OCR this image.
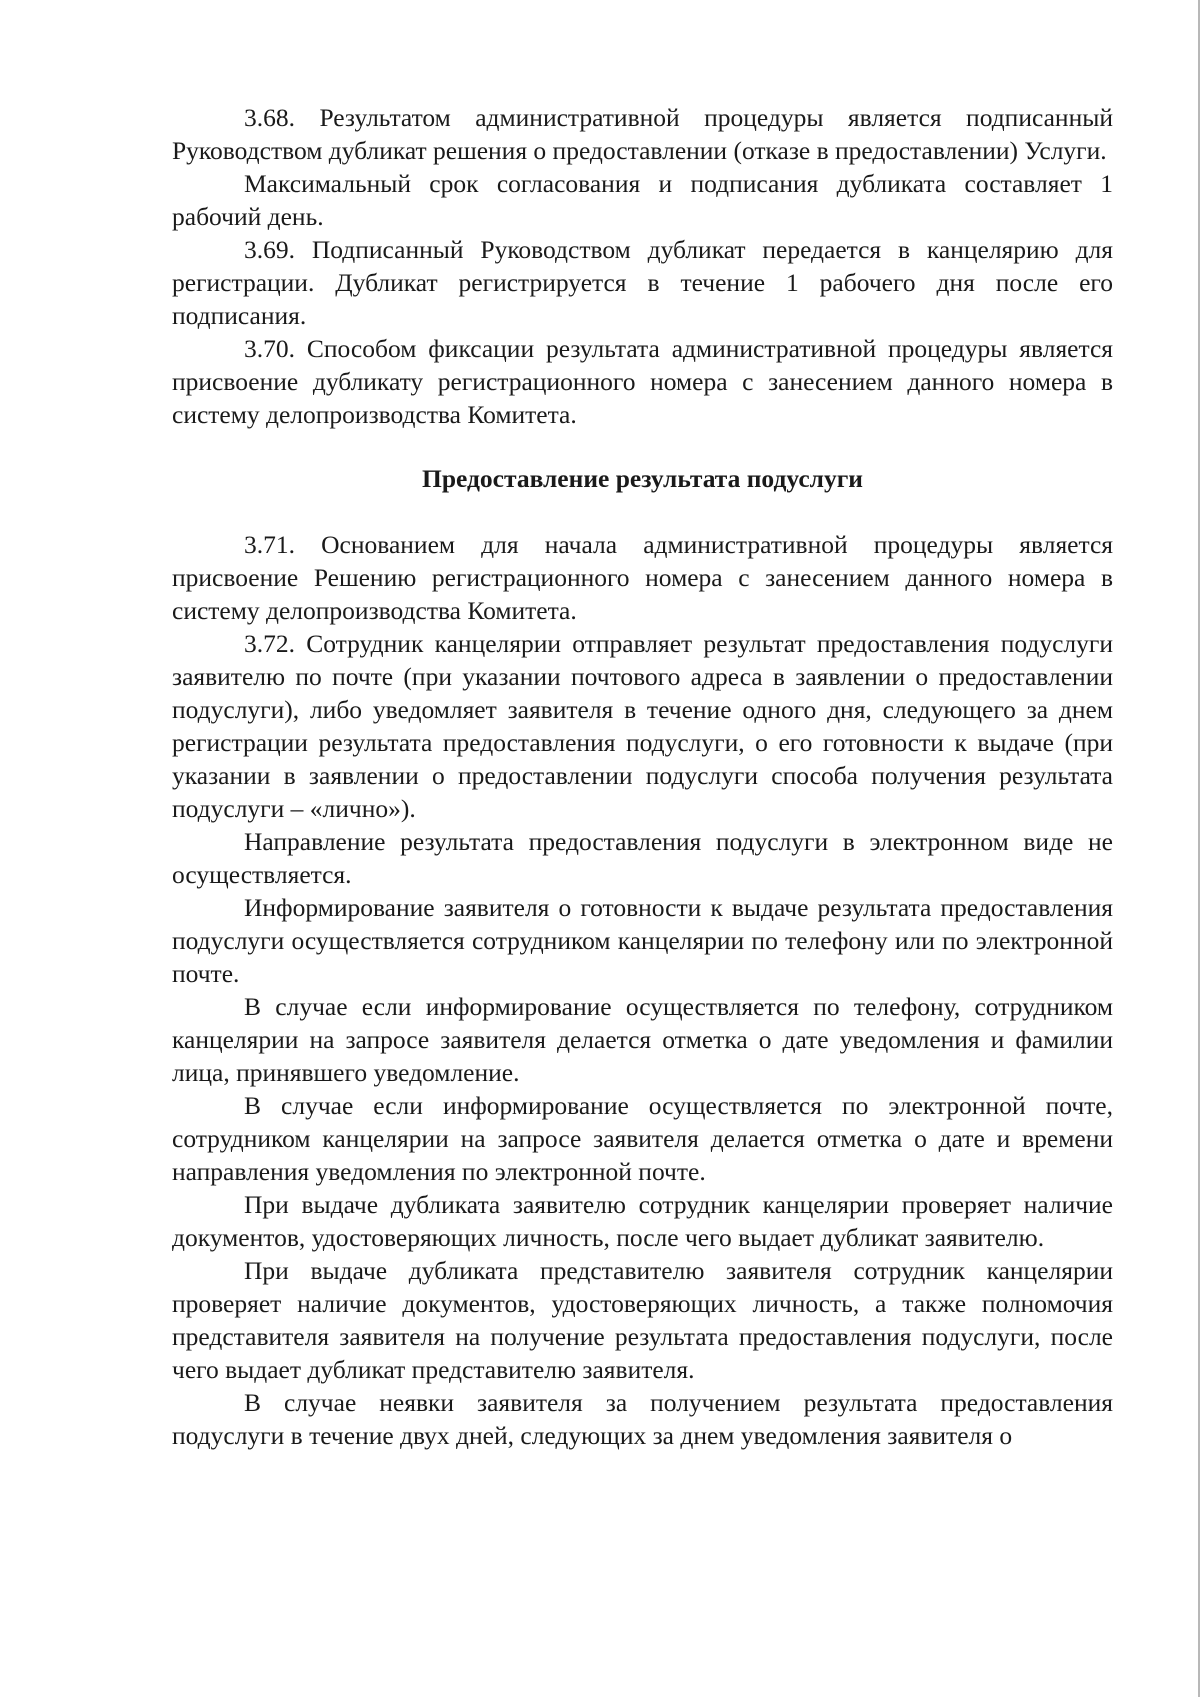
3.68. Результатом административной процедуры является подписанный Руководством дубликат решения о предоставлении (отказе в предоставлении) Услуги.

Максимальный срок согласования и подписания дубликата составляет 1 рабочий день.

3.69. Подписанный Руководством дубликат передается в канцелярию для регистрации. Дубликат регистрируется в течение 1 рабочего дня после его подписания.

3.70. Способом фиксации результата административной процедуры является присвоение дубликату регистрационного номера с занесением данного номера в систему делопроизводства Комитета.

Предоставление результата подуслуги

3.71. Основанием для начала административной процедуры является присвоение Решению регистрационного номера с занесением данного номера в систему делопроизводства Комитета.

3.72. Сотрудник канцелярии отправляет результат предоставления подуслуги заявителю по почте (при указании почтового адреса в заявлении о предоставлении подуслуги), либо уведомляет заявителя в течение одного дня, следующего за днем регистрации результата предоставления подуслуги, о его готовности к выдаче (при указании в заявлении о предоставлении подуслуги способа получения результата подуслуги – «лично»).

Направление результата предоставления подуслуги в электронном виде не осуществляется.

Информирование заявителя о готовности к выдаче результата предоставления подуслуги осуществляется сотрудником канцелярии по телефону или по электронной почте.

В случае если информирование осуществляется по телефону, сотрудником канцелярии на запросе заявителя делается отметка о дате уведомления и фамилии лица, принявшего уведомление.

В случае если информирование осуществляется по электронной почте, сотрудником канцелярии на запросе заявителя делается отметка о дате и времени направления уведомления по электронной почте.

При выдаче дубликата заявителю сотрудник канцелярии проверяет наличие документов, удостоверяющих личность, после чего выдает дубликат заявителю.

При выдаче дубликата представителю заявителя сотрудник канцелярии проверяет наличие документов, удостоверяющих личность, а также полномочия представителя заявителя на получение результата предоставления подуслуги, после чего выдает дубликат представителю заявителя.

В случае неявки заявителя за получением результата предоставления подуслуги в течение двух дней, следующих за днем уведомления заявителя о
